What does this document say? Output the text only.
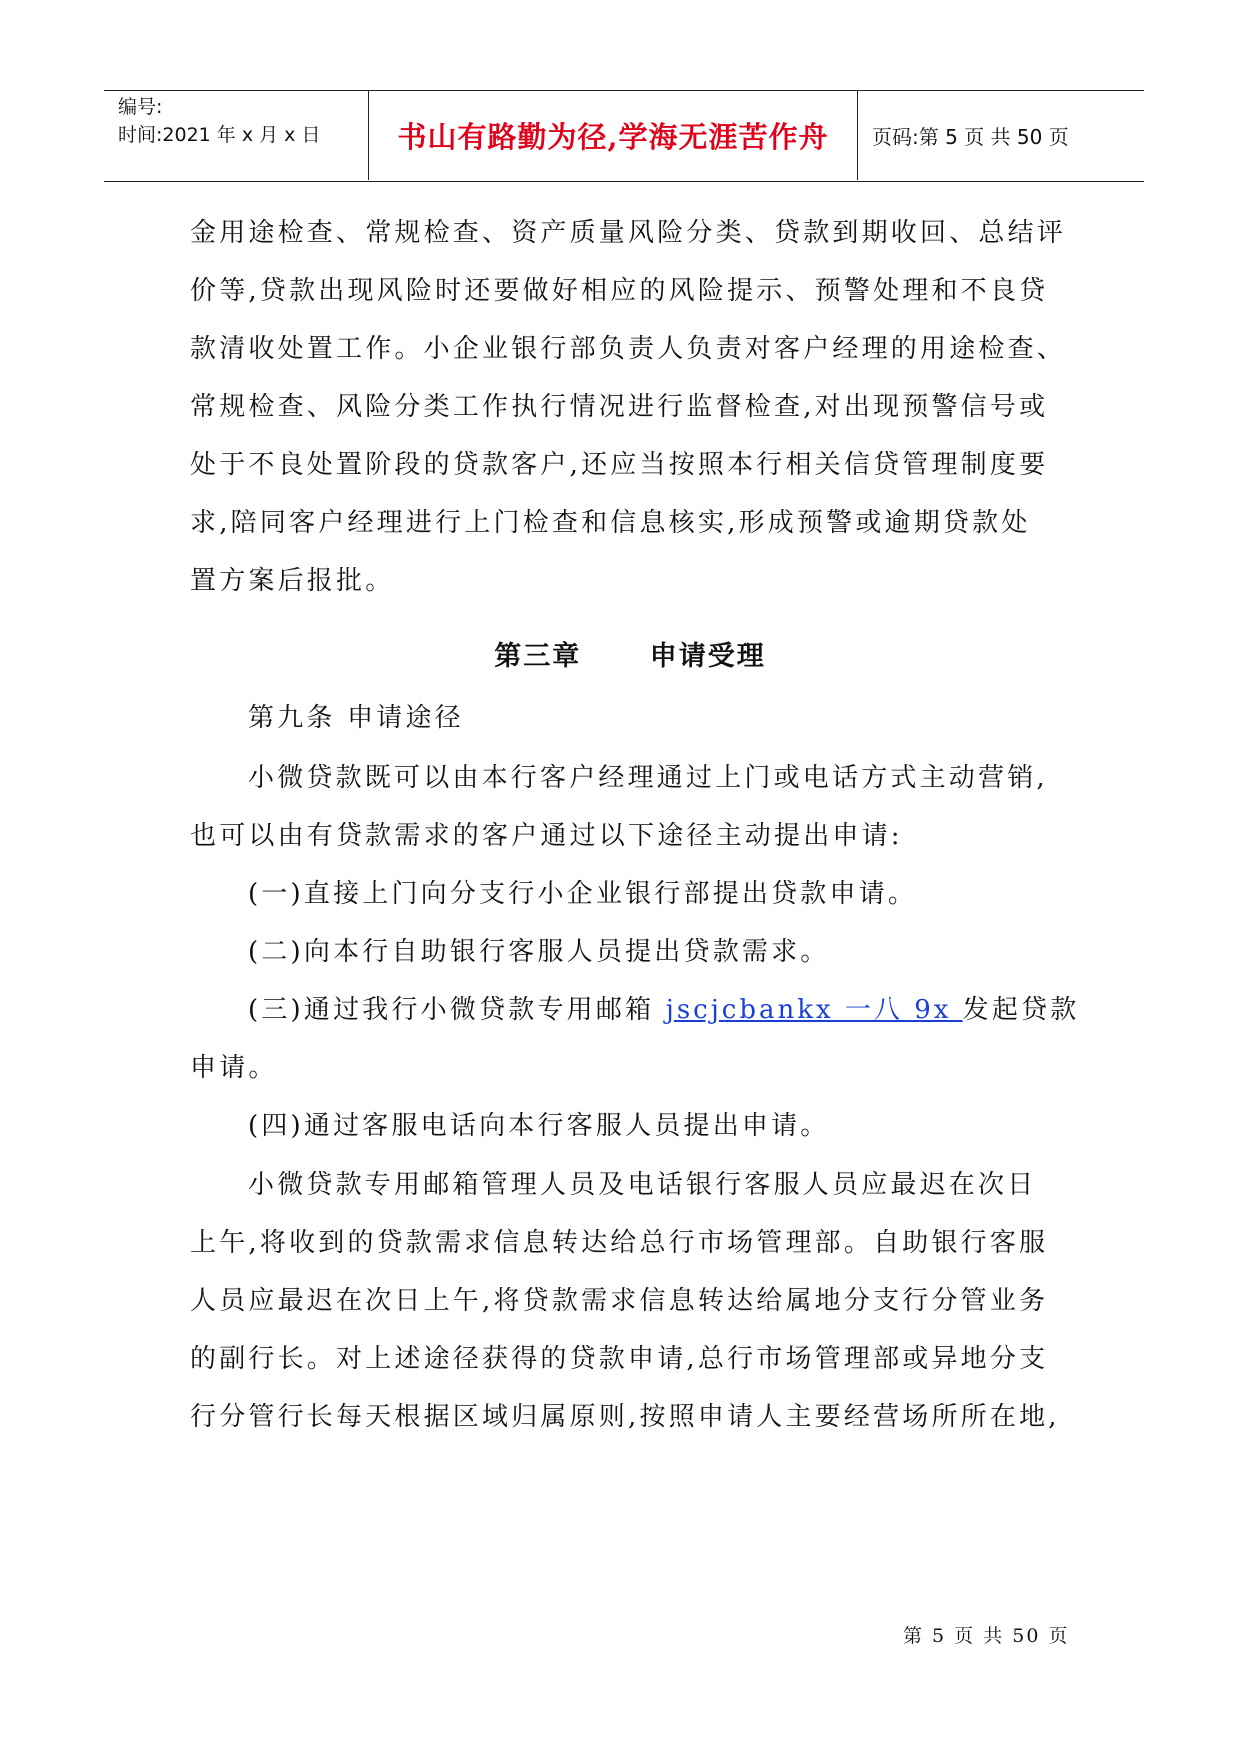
编号:
时间:2021 年 x 月 x 日	书山有路勤为径,学海无涯苦作舟	页码:第 5 页 共 50 页
金用途检查、常规检查、资产质量风险分类、贷款到期收回、总结评
价等,贷款出现风险时还要做好相应的风险提示、预警处理和不良贷
款清收处置工作。小企业银行部负责人负责对客户经理的用途检查、
常规检查、风险分类工作执行情况进行监督检查,对出现预警信号或
处于不良处置阶段的贷款客户,还应当按照本行相关信贷管理制度要
求,陪同客户经理进行上门检查和信息核实,形成预警或逾期贷款处
置方案后报批。
第三章      申请受理
第九条 申请途径
小微贷款既可以由本行客户经理通过上门或电话方式主动营销,
也可以由有贷款需求的客户通过以下途径主动提出申请:
(一)直接上门向分支行小企业银行部提出贷款申请。
(二)向本行自助银行客服人员提出贷款需求。
(三)通过我行小微贷款专用邮箱 jscjcbankx 一八 9x 发起贷款
申请。
(四)通过客服电话向本行客服人员提出申请。
小微贷款专用邮箱管理人员及电话银行客服人员应最迟在次日
上午,将收到的贷款需求信息转达给总行市场管理部。自助银行客服
人员应最迟在次日上午,将贷款需求信息转达给属地分支行分管业务
的副行长。对上述途径获得的贷款申请,总行市场管理部或异地分支
行分管行长每天根据区域归属原则,按照申请人主要经营场所所在地,
第 5 页 共 50 页
